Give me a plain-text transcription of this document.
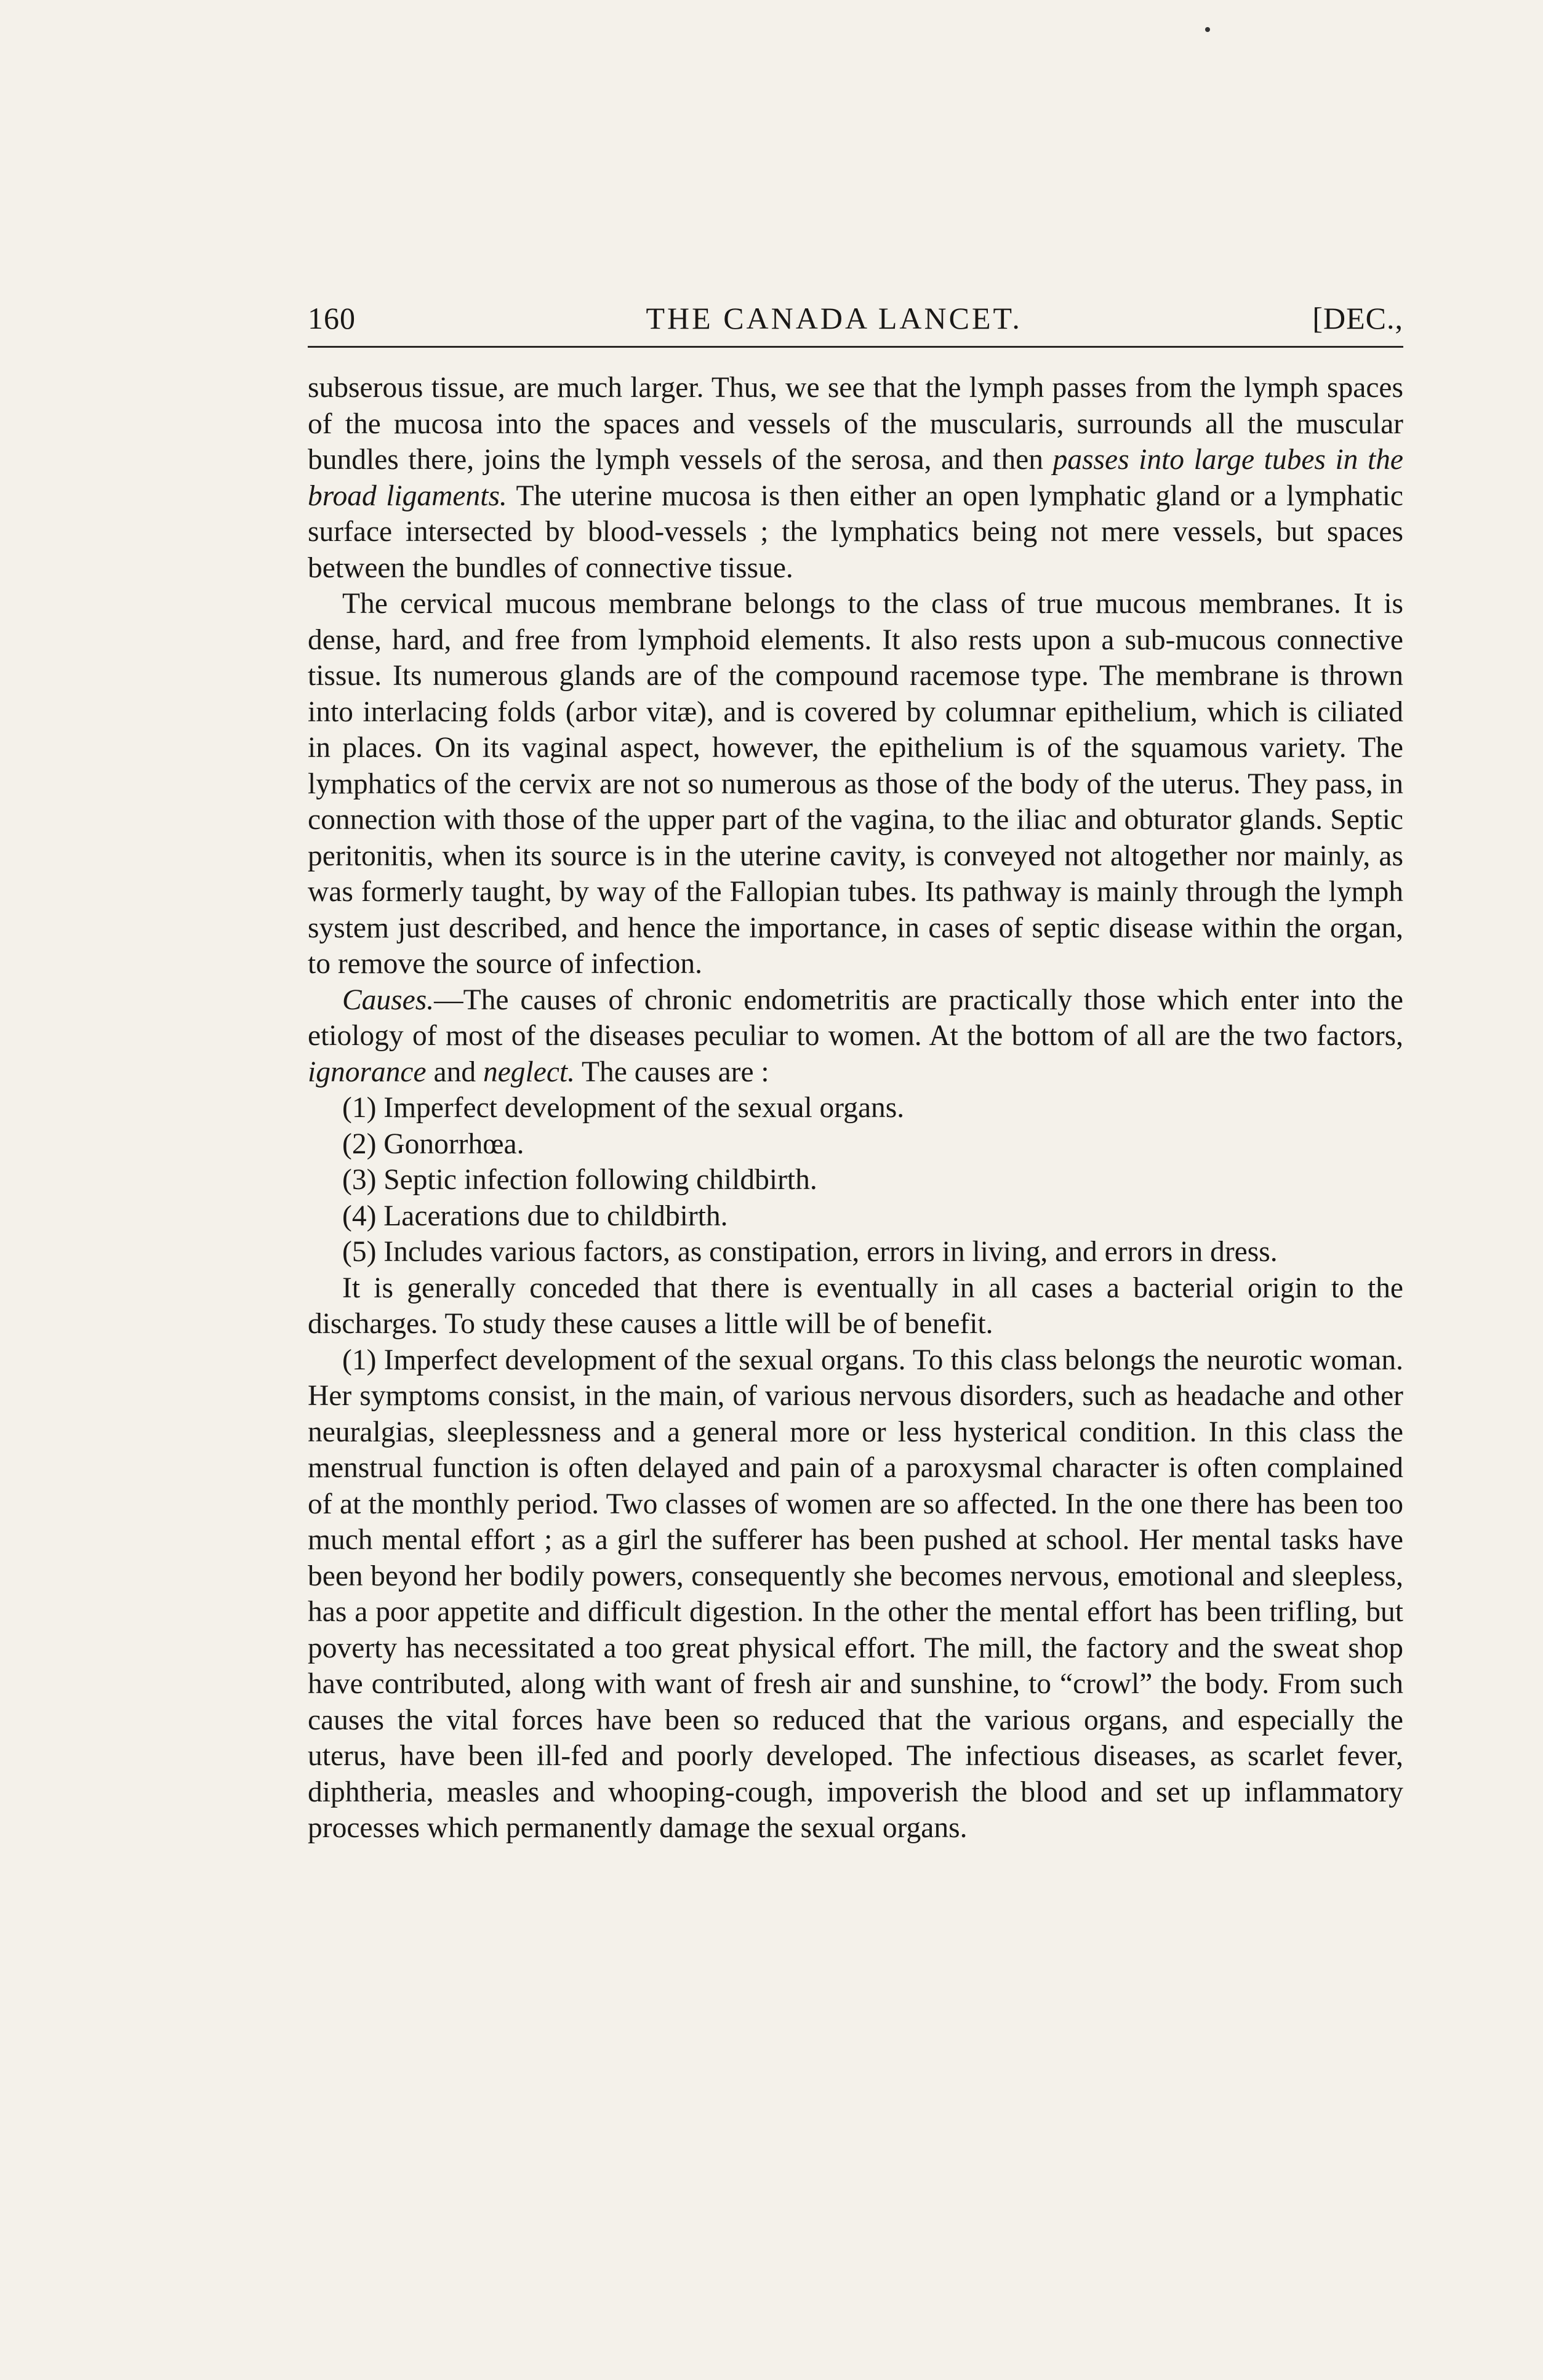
160	THE CANADA LANCET.	[DEC.,

subserous tissue, are much larger. Thus, we see that the lymph passes from the lymph spaces of the mucosa into the spaces and vessels of the muscularis, surrounds all the muscular bundles there, joins the lymph vessels of the serosa, and then passes into large tubes in the broad ligaments. The uterine mucosa is then either an open lymphatic gland or a lymphatic surface intersected by blood-vessels ; the lymphatics being not mere vessels, but spaces between the bundles of connective tissue.

The cervical mucous membrane belongs to the class of true mucous membranes. It is dense, hard, and free from lymphoid elements. It also rests upon a sub-mucous connective tissue. Its numerous glands are of the compound racemose type. The membrane is thrown into interlacing folds (arbor vitæ), and is covered by columnar epithelium, which is ciliated in places. On its vaginal aspect, however, the epithelium is of the squamous variety. The lymphatics of the cervix are not so numerous as those of the body of the uterus. They pass, in connection with those of the upper part of the vagina, to the iliac and obturator glands. Septic peritonitis, when its source is in the uterine cavity, is conveyed not altogether nor mainly, as was formerly taught, by way of the Fallopian tubes. Its pathway is mainly through the lymph system just described, and hence the importance, in cases of septic disease within the organ, to remove the source of infection.

Causes.—The causes of chronic endometritis are practically those which enter into the etiology of most of the diseases peculiar to women. At the bottom of all are the two factors, ignorance and neglect. The causes are :

(1) Imperfect development of the sexual organs.

(2) Gonorrhœa.

(3) Septic infection following childbirth.

(4) Lacerations due to childbirth.

(5) Includes various factors, as constipation, errors in living, and errors in dress.

It is generally conceded that there is eventually in all cases a bacterial origin to the discharges. To study these causes a little will be of benefit.

(1) Imperfect development of the sexual organs. To this class belongs the neurotic woman. Her symptoms consist, in the main, of various nervous disorders, such as headache and other neuralgias, sleeplessness and a general more or less hysterical condition. In this class the menstrual function is often delayed and pain of a paroxysmal character is often complained of at the monthly period. Two classes of women are so affected. In the one there has been too much mental effort ; as a girl the sufferer has been pushed at school. Her mental tasks have been beyond her bodily powers, consequently she becomes nervous, emotional and sleepless, has a poor appetite and difficult digestion. In the other the mental effort has been trifling, but poverty has necessitated a too great physical effort. The mill, the factory and the sweat shop have contributed, along with want of fresh air and sunshine, to “crowl” the body. From such causes the vital forces have been so reduced that the various organs, and especially the uterus, have been ill-fed and poorly developed. The infectious diseases, as scarlet fever, diphtheria, measles and whooping-cough, impoverish the blood and set up inflammatory processes which permanently damage the sexual organs.
